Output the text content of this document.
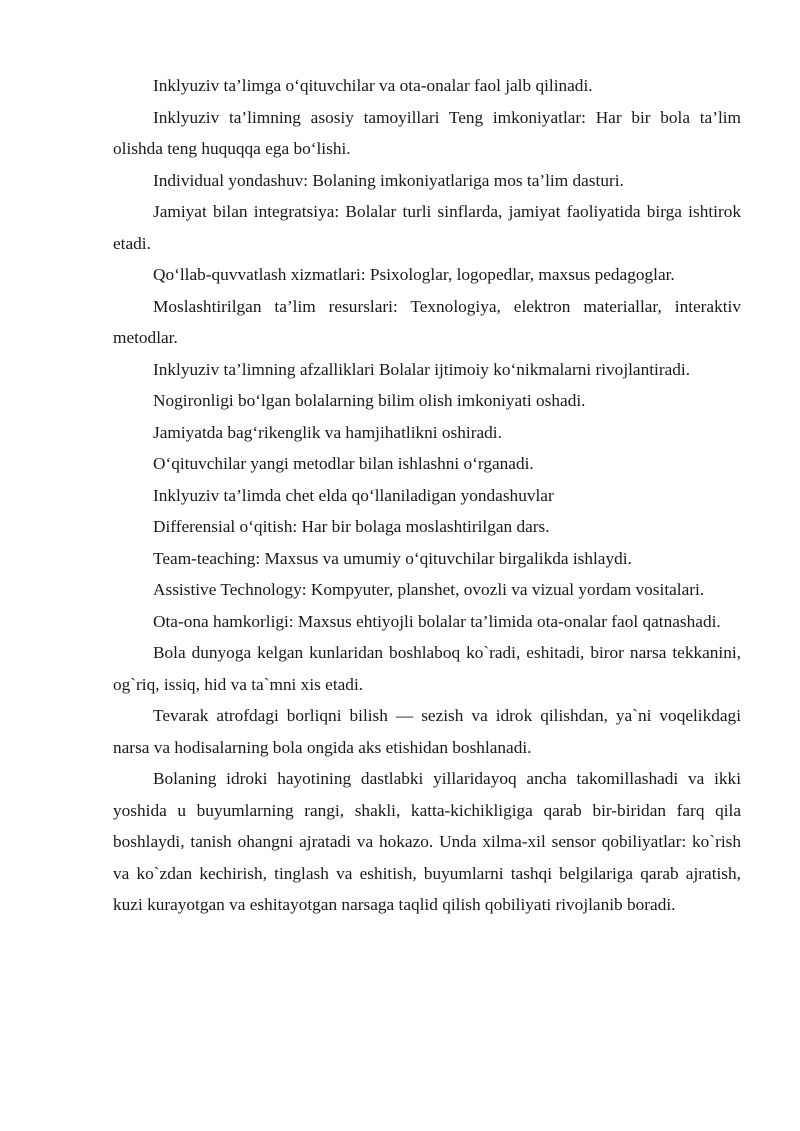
Inklyuziv ta’limga o‘qituvchilar va ota-onalar faol jalb qilinadi.

Inklyuziv ta’limning asosiy tamoyillari Teng imkoniyatlar: Har bir bola ta’lim olishda teng huquqqa ega bo‘lishi.

Individual yondashuv: Bolaning imkoniyatlariga mos ta’lim dasturi.

Jamiyat bilan integratsiya: Bolalar turli sinflarda, jamiyat faoliyatida birga ishtirok etadi.

Qo‘llab-quvvatlash xizmatlari: Psixologlar, logopedlar, maxsus pedagoglar.

Moslashtirilgan ta’lim resurslari: Texnologiya, elektron materiallar, interaktiv metodlar.

Inklyuziv ta’limning afzalliklari Bolalar ijtimoiy ko‘nikmalarni rivojlantiradi.

Nogironligi bo‘lgan bolalarning bilim olish imkoniyati oshadi.

Jamiyatda bag‘rikenglik va hamjihatlikni oshiradi.

O‘qituvchilar yangi metodlar bilan ishlashni o‘rganadi.

Inklyuziv ta’limda chet elda qo‘llaniladigan yondashuvlar

Differensial o‘qitish: Har bir bolaga moslashtirilgan dars.

Team-teaching: Maxsus va umumiy o‘qituvchilar birgalikda ishlaydi.

Assistive Technology: Kompyuter, planshet, ovozli va vizual yordam vositalari.

Ota-ona hamkorligi: Maxsus ehtiyojli bolalar ta’limida ota-onalar faol qatnashadi.

Bola dunyoga kelgan kunlaridan boshlaboq ko`radi, eshitadi, biror narsa tekkanini, og`riq, issiq, hid va ta`mni xis etadi.

Tevarak atrofdagi borliqni bilish — sezish va idrok qilishdan, ya`ni voqelikdagi narsa va hodisalarning bola ongida aks etishidan boshlanadi.

Bolaning idroki hayotining dastlabki yillaridayoq ancha takomillashadi va ikki yoshida u buyumlarning rangi, shakli, katta-kichikligiga qarab bir-biridan farq qila boshlaydi, tanish ohangni ajratadi va hokazo. Unda xilma-xil sensor qobiliyatlar: ko`rish va ko`zdan kechirish, tinglash va eshitish, buyumlarni tashqi belgilariga qarab ajratish, kuzi kurayotgan va eshitayotgan narsaga taqlid qilish qobiliyati rivojlanib boradi.
